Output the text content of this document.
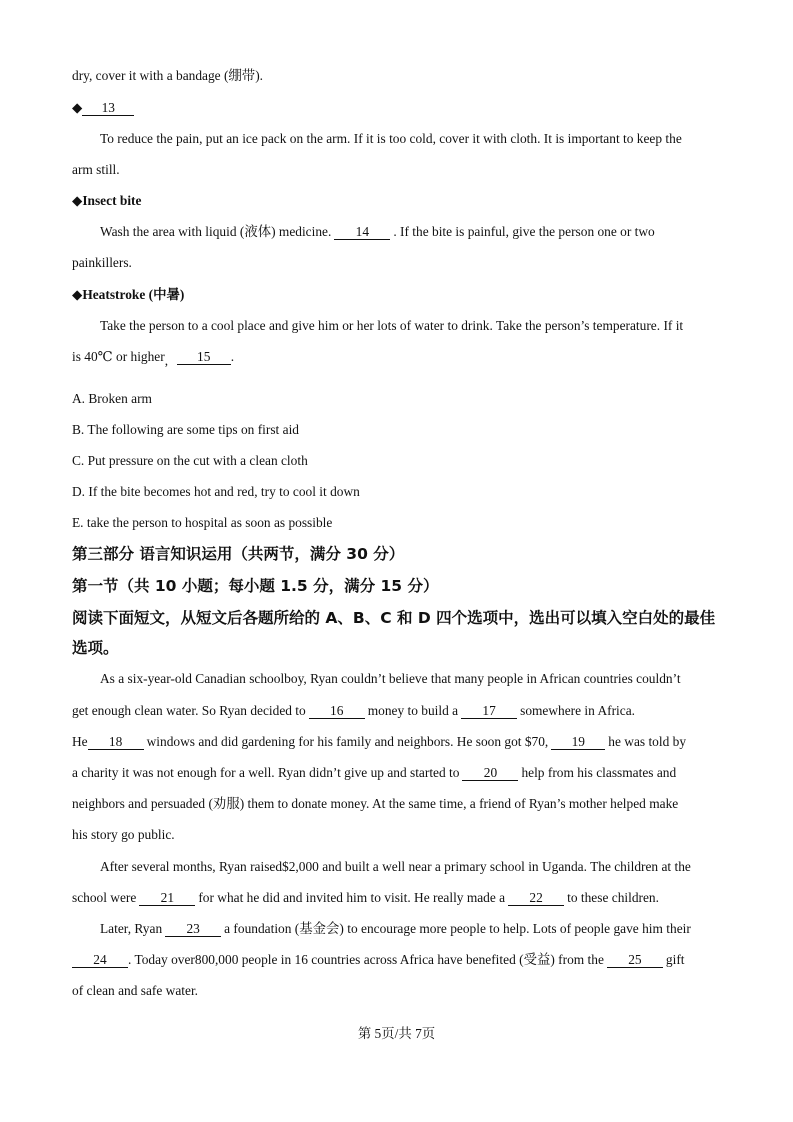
dry, cover it with a bandage (绷带).
◆ 13
To reduce the pain, put an ice pack on the arm. If it is too cold, cover it with cloth. It is important to keep the
arm still.
◆Insect bite
Wash the area with liquid (液体) medicine. 14 . If the bite is painful, give the person one or two
painkillers.
◆Heatstroke (中暑)
Take the person to a cool place and give him or her lots of water to drink. Take the person’s temperature. If it
is 40℃ or higher, 15 .
A. Broken arm
B. The following are some tips on first aid
C. Put pressure on the cut with a clean cloth
D. If the bite becomes hot and red, try to cool it down
E. take the person to hospital as soon as possible
第三部分 语言知识运用（共两节，满分 30 分）
第一节（共 10 小题；每小题 1.5 分，满分 15 分）
阅读下面短文，从短文后各题所给的 A、B、C 和 D 四个选项中，选出可以填入空白处的最佳
选项。
As a six-year-old Canadian schoolboy, Ryan couldn’t believe that many people in African countries couldn’t
get enough clean water. So Ryan decided to 16 money to build a 17 somewhere in Africa.
He 18 windows and did gardening for his family and neighbors. He soon got $70, 19 he was told by
a charity it was not enough for a well. Ryan didn’t give up and started to 20 help from his classmates and
neighbors and persuaded (劝服) them to donate money. At the same time, a friend of Ryan’s mother helped make
his story go public.
After several months, Ryan raised$2,000 and built a well near a primary school in Uganda. The children at the
school were 21 for what he did and invited him to visit. He really made a 22 to these children.
Later, Ryan 23 a foundation (基金会) to encourage more people to help. Lots of people gave him their
24 . Today over800,000 people in 16 countries across Africa have benefited (受益) from the 25 gift
of clean and safe water.
第 5页/共 7页
